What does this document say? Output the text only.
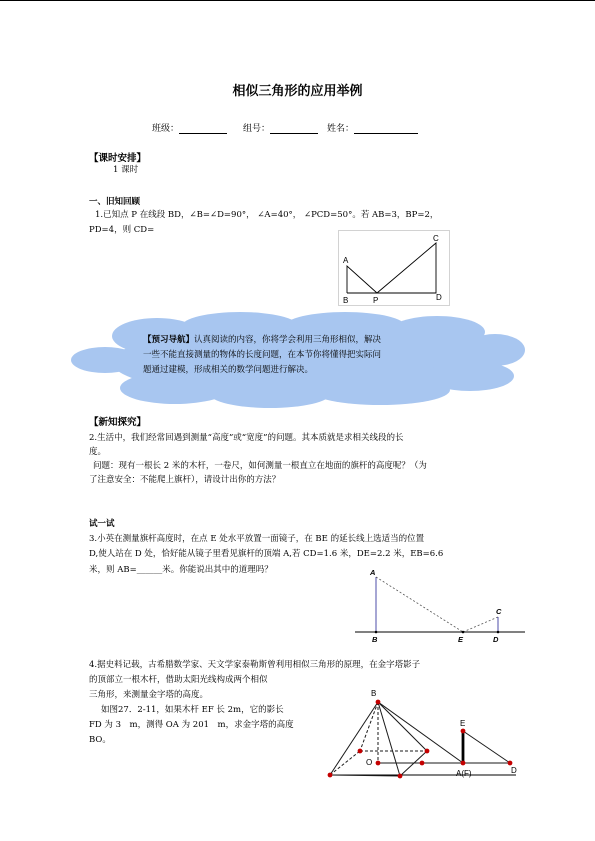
相似三角形的应用举例
班级：	组号：	姓名：
【课时安排】
1 课时
一、旧知回顾
1.已知点 P 在线段 BD，∠B=∠D=90°， ∠A=40°， ∠PCD=50°。若 AB=3，BP=2，
PD=4，则 CD=
A
B	P
C
D
【预习导航】认真阅读的内容，你将学会利用三角形相似，解决
一些不能直接测量的物体的长度问题，在本节你将懂得把实际问
题通过建模，形成相关的数学问题进行解决。
【新知探究】
2.生活中，我们经常回遇到测量“高度”或“宽度”的问题。其本质就是求相关线段的长
度。
问题：现有一根长 2 米的木杆，一卷尺，如何测量一根直立在地面的旗杆的高度呢？（为
了注意安全：不能爬上旗杆），请设计出你的方法？
试一试
3.小英在测量旗杆高度时，在点 E 处水平放置一面镜子，在 BE 的延长线上选适当的位置
D,使人站在 D 处，恰好能从镜子里看见旗杆的顶端 A,若 CD=1.6 米，DE=2.2 米，EB=6.6
米，则 AB=______米。你能说出其中的道理吗？	A
B	E
C
D
4.据史料记载，古希腊数学家、天文学家泰勒斯曾利用相似三角形的原理，在金字塔影子
的顶部立一根木杆，借助太阳光线构成两个相似
三角形，来测量金字塔的高度。
如图27．2-11，如果木杆 EF 长 2m，它的影长
FD 为 3　m，测得 OA 为 201　m，求金字塔的高度
BO。
B
O
E
A(F)	D
